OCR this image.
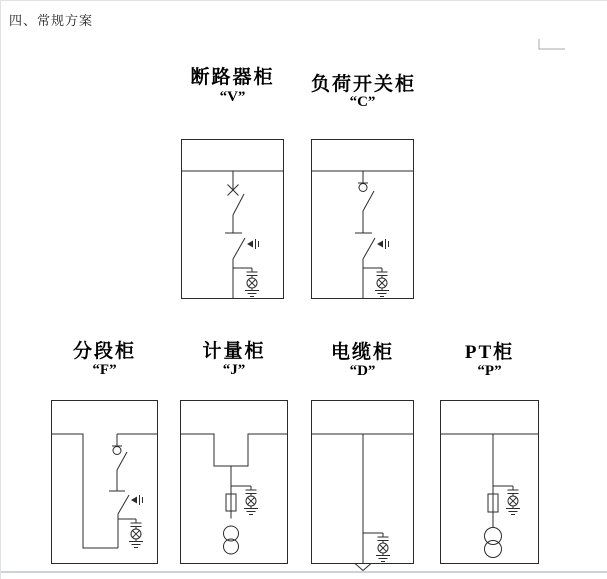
四、常规方案
断路器柜
“V”
负荷开关柜
“C”
分段柜
“F”
计量柜
“J”
电缆柜
“D”
PT柜
“P”
